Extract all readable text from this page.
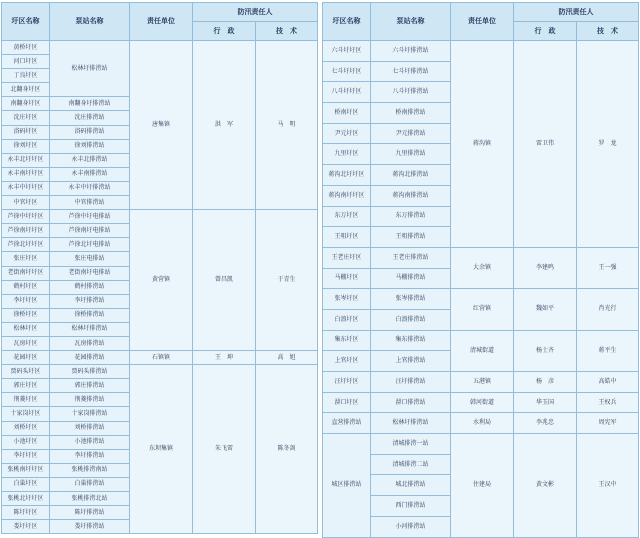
圩区名称	泵站名称	责任单位	防汛责任人	
			行　政	技　术
黄桥圩区	松林圩排涝站	唐集镇	洪　军	马　明
河口圩区				
丁良圩区				
北翻身圩区				
南翻身圩区	南翻身圩排涝站			
沈庄圩区	沈庄排涝站			
浴码圩区	浴码排涝站			
徐刘圩区	徐刘排涝站			
永丰北圩圩区	永丰北排涝站			
永丰南圩圩区	永丰南排涝站			
永丰中圩圩区	永丰中圩排涝站			
中官圩区	中官排涝站			
芦徐中圩圩区	芦徐中圩电排站	黄营镇	曾昌凯	于青生
芦徐南圩圩区	芦徐南圩电排站			
芦徐北圩圩区	芦徐北圩电排站			
张庄圩区	张庄电排站			
老街南圩圩区	老街南圩电排站			
鹤村圩区	鹤村排涝站			
李圩圩区	李圩排涝站			
徐桥圩区	徐桥排涝站			
松林圩区	松林圩排涝站			
瓦房圩区	瓦房排涝站			
花园圩区	花园排涝站	石镇镇	王　坤	高　旭
贾码头圩区	贾码头排涝站	东坝集镇	朱飞雷	陈冬剑
郭庄圩区	郭庄排涝站			
荆菱圩区	荆菱排涝站			
十家岗圩区	十家岗排涝站			
刘桥圩区	刘桥排涝站			
小池圩区	小池排涝站			
李圩圩区	李圩排涝站			
张桃南圩圩区	张桃排涝南站			
白巢圩区	白巢排涝站			
张桃北圩圩区	张桃排涝北站			
陈圩圩区	陈圩排涝站			
娄圩圩区	娄圩排涝站			
圩区名称	泵站名称	责任单位	防汛责任人	
			行　政	技　术
六斗圩圩区	六斗圩排涝站	蒋沟镇	雷卫伟	罗　龙
七斗圩圩区	七斗圩排涝站			
八斗圩圩区	八斗圩排涝站			
桥南圩区	桥南排涝站			
尹元圩区	尹元排涝站			
九里圩区	九里排涝站			
蒋沟北圩圩区	蒋沟北排涝站			
蒋沟南圩圩区	蒋沟南排涝站			
东万圩区	东万排涝站			
王咀圩区	王咀排涝站			
王老庄圩区	王老庄排涝站	大余镇	李建鸣	王一强
马棚圩区	马棚排涝站			
张岑圩区	张岑排涝站	红营镇	魏如平	肖光行
白浪圩区	白浪排涝站			
集东圩区	集东排涝站	清城街道	杨士齐	蒋平生
上官圩区	上官排涝站			
汪圩圩区	汪圩排涝站	五港镇	杨　彦	高皓中
淠口圩区	淠口排涝站	韩河街道	华玉国	王权兵
直营排涝站	松林圩排涝站	水利局	李兆忠	周宪军
城区排涝站	清城排涝一站	住建局	黄文彬	王汉中
	清城排涝二站			
	城北排涝站			
	西门排涝站			
	小河排涝站			
